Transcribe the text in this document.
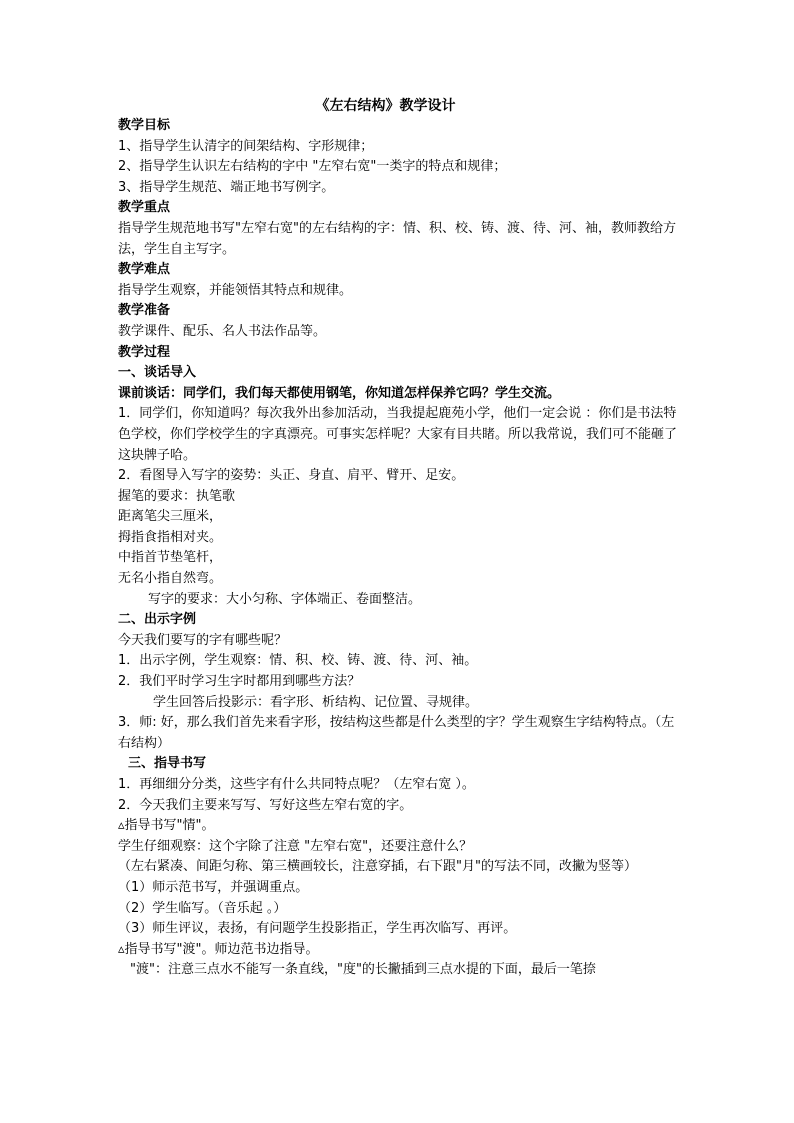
《左右结构》教学设计
教学目标
1、指导学生认清字的间架结构、字形规律；
2、指导学生认识左右结构的字中 "左窄右宽"一类字的特点和规律；
3、指导学生规范、端正地书写例字。
教学重点
指导学生规范地书写"左窄右宽"的左右结构的字：情、积、校、铸、渡、待、河、袖，教师教给方法，学生自主写字。
教学难点
指导学生观察，并能领悟其特点和规律。
教学准备
教学课件、配乐、名人书法作品等。
教学过程
一、谈话导入
课前谈话：同学们，我们每天都使用钢笔，你知道怎样保养它吗？学生交流。
1．同学们，你知道吗？每次我外出参加活动，当我提起鹿苑小学，他们一定会说 ：你们是书法特色学校，你们学校学生的字真漂亮。可事实怎样呢？大家有目共睹。所以我常说，我们可不能砸了这块牌子哈。
2．看图导入写字的姿势：头正、身直、肩平、臂开、足安。
握笔的要求：执笔歌
距离笔尖三厘米，
拇指食指相对夹。
中指首节垫笔杆，
无名小指自然弯。
写字的要求：大小匀称、字体端正、卷面整洁。
二、出示字例
今天我们要写的字有哪些呢？
1．出示字例，学生观察：情、积、校、铸、渡、待、河、袖。
2．我们平时学习生字时都用到哪些方法？
学生回答后投影示：看字形、析结构、记位置、寻规律。
3．师: 好，那么我们首先来看字形，按结构这些都是什么类型的字？学生观察生字结构特点。（左右结构）
三、指导书写
1．再细细分分类，这些字有什么共同特点呢？（左窄右宽 ）。
2．今天我们主要来写写、写好这些左窄右宽的字。
▵指导书写"情"。
学生仔细观察：这个字除了注意 "左窄右宽"，还要注意什么？
（左右紧凑、间距匀称、第三横画较长，注意穿插，右下跟"月"的写法不同，改撇为竖等）
（1）师示范书写，并强调重点。
（2）学生临写。（音乐起 。）
（3）师生评议，表扬，有问题学生投影指正，学生再次临写、再评。
▵指导书写"渡"。师边范书边指导。
"渡"：注意三点水不能写一条直线，"度"的长撇插到三点水提的下面，最后一笔捺
